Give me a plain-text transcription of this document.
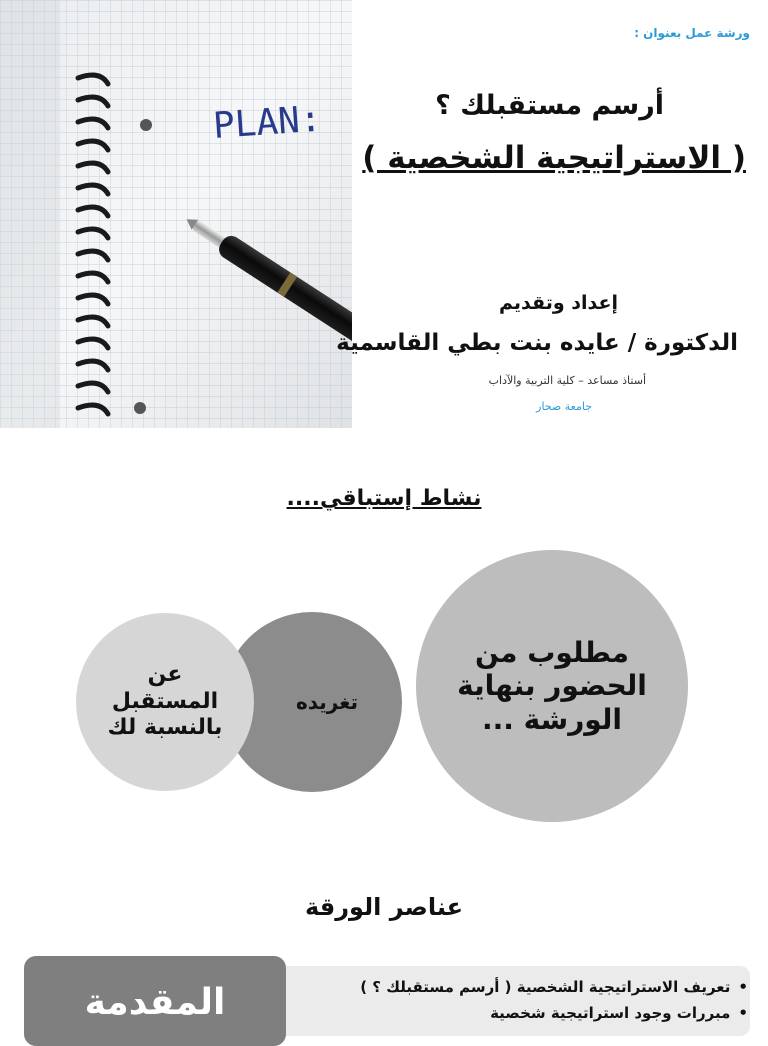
PLAN:
ورشة عمل بعنوان :
أرسم مستقبلك ؟
( الاستراتيجية الشخصية )
إعداد وتقديم
الدكتورة / عايده بنت بطي القاسمية
أستاذ مساعد – كلية التربية والآداب
جامعة صحار
نشاط إستباقي....
تغريده
عن المستقبل بالنسبة لك
مطلوب من الحضور بنهاية الورشة ...
عناصر الورقة
• تعريف الاستراتيجية الشخصية ( أرسم مستقبلك ؟ )
• مبررات وجود استراتيجية شخصية
المقدمة
